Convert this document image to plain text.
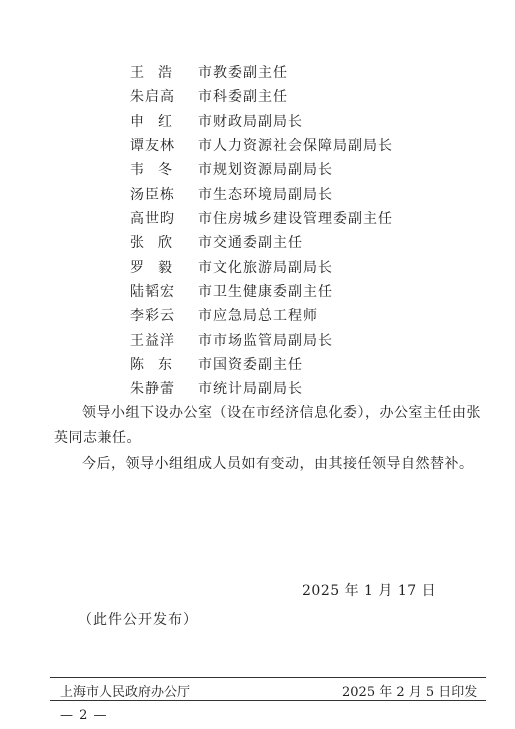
王浩 市教委副主任
朱启高	市科委副主任
申红 市财政局副局长
谭友林	市人力资源社会保障局副局长
韦冬 市规划资源局副局长
汤臣栋	市生态环境局副局长
高世昀	市住房城乡建设管理委副主任
张欣 市交通委副主任
罗毅 市文化旅游局副局长
陆韬宏	市卫生健康委副主任
李彩云	市应急局总工程师
王益洋	市市场监管局副局长
陈东 市国资委副主任
朱静蕾	市统计局副局长
领导小组下设办公室（设在市经济信息化委），办公室主任由张英同志兼任。
今后，领导小组组成人员如有变动，由其接任领导自然替补。
2025 年 1 月 17 日
（此件公开发布）
上海市人民政府办公厅	2025 年 2 月 5 日印发
— 2 —
